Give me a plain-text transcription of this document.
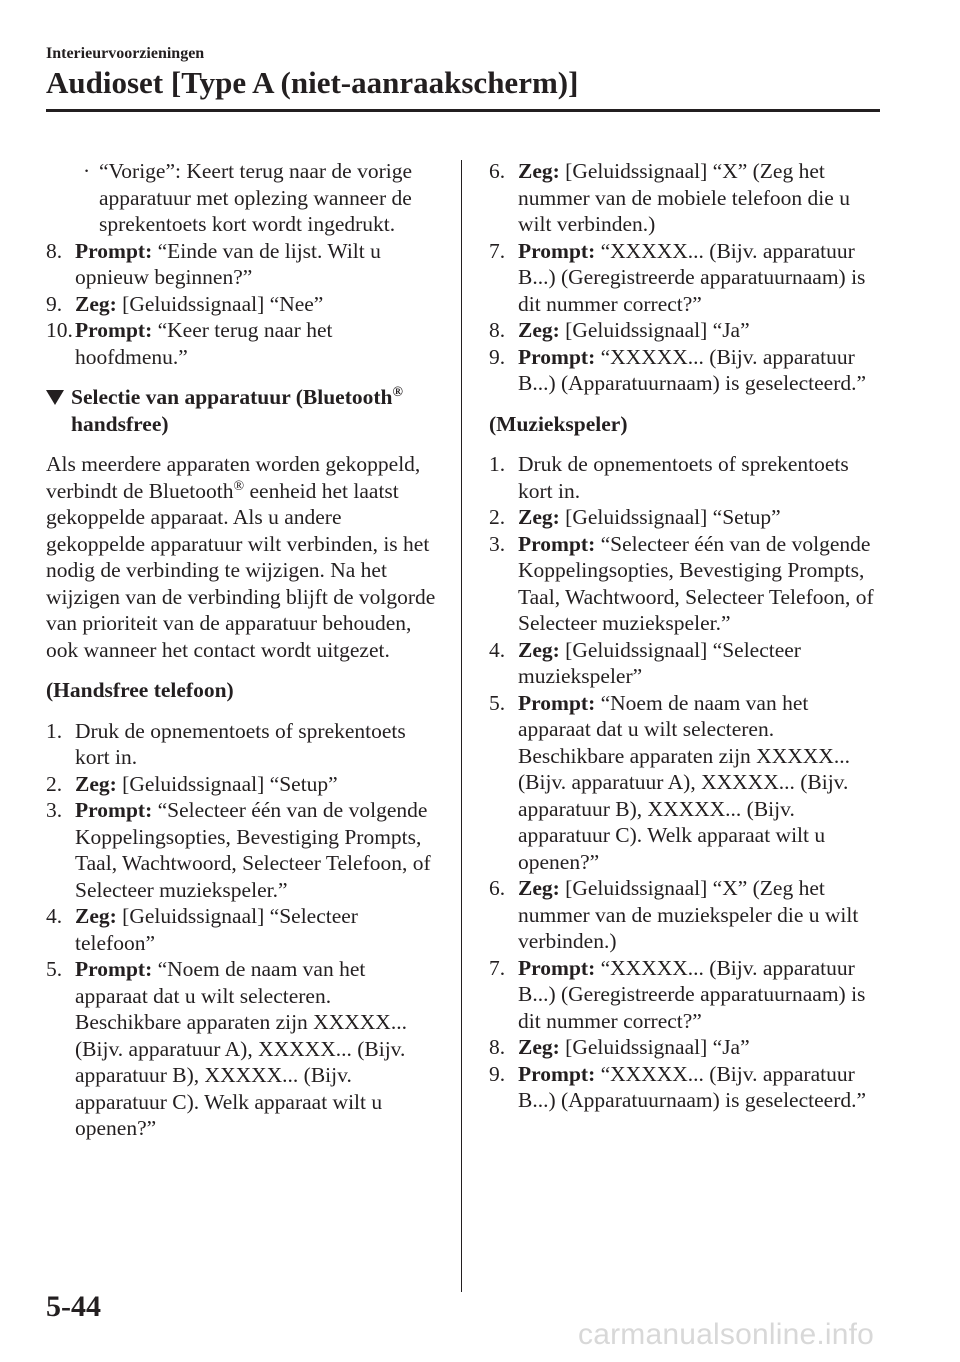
Interieurvoorzieningen

Audioset [Type A (niet-aanraakscherm)]
· “Vorige”: Keert terug naar de vorige apparatuur met oplezing wanneer de sprekentoets kort wordt ingedrukt.
8. Prompt: “Einde van de lijst. Wilt u opnieuw beginnen?”
9. Zeg: [Geluidssignaal] “Nee”
10. Prompt: “Keer terug naar het hoofdmenu.”

Selectie van apparatuur (Bluetooth® handsfree)

Als meerdere apparaten worden gekoppeld, verbindt de Bluetooth® eenheid het laatst gekoppelde apparaat. Als u andere gekoppelde apparatuur wilt verbinden, is het nodig de verbinding te wijzigen. Na het wijzigen van de verbinding blijft de volgorde van prioriteit van de apparatuur behouden, ook wanneer het contact wordt uitgezet.

(Handsfree telefoon)

1. Druk de opnementoets of sprekentoets kort in.
2. Zeg: [Geluidssignaal] “Setup”
3. Prompt: “Selecteer één van de volgende Koppelingsopties, Bevestiging Prompts, Taal, Wachtwoord, Selecteer Telefoon, of Selecteer muziekspeler.”
4. Zeg: [Geluidssignaal] “Selecteer telefoon”
5. Prompt: “Noem de naam van het apparaat dat u wilt selecteren. Beschikbare apparaten zijn XXXXX... (Bijv. apparatuur A), XXXXX... (Bijv. apparatuur B), XXXXX... (Bijv. apparatuur C). Welk apparaat wilt u openen?”
6. Zeg: [Geluidssignaal] “X” (Zeg het nummer van de mobiele telefoon die u wilt verbinden.)
7. Prompt: “XXXXX... (Bijv. apparatuur B...) (Geregistreerde apparatuurnaam) is dit nummer correct?”
8. Zeg: [Geluidssignaal] “Ja”
9. Prompt: “XXXXX... (Bijv. apparatuur B...) (Apparatuurnaam) is geselecteerd.”

(Muziekspeler)

1. Druk de opnementoets of sprekentoets kort in.
2. Zeg: [Geluidssignaal] “Setup”
3. Prompt: “Selecteer één van de volgende Koppelingsopties, Bevestiging Prompts, Taal, Wachtwoord, Selecteer Telefoon, of Selecteer muziekspeler.”
4. Zeg: [Geluidssignaal] “Selecteer muziekspeler”
5. Prompt: “Noem de naam van het apparaat dat u wilt selecteren. Beschikbare apparaten zijn XXXXX... (Bijv. apparatuur A), XXXXX... (Bijv. apparatuur B), XXXXX... (Bijv. apparatuur C). Welk apparaat wilt u openen?”
6. Zeg: [Geluidssignaal] “X” (Zeg het nummer van de muziekspeler die u wilt verbinden.)
7. Prompt: “XXXXX... (Bijv. apparatuur B...) (Geregistreerde apparatuurnaam) is dit nummer correct?”
8. Zeg: [Geluidssignaal] “Ja”
9. Prompt: “XXXXX... (Bijv. apparatuur B...) (Apparatuurnaam) is geselecteerd.”
5-44
carmanualsonline.info
